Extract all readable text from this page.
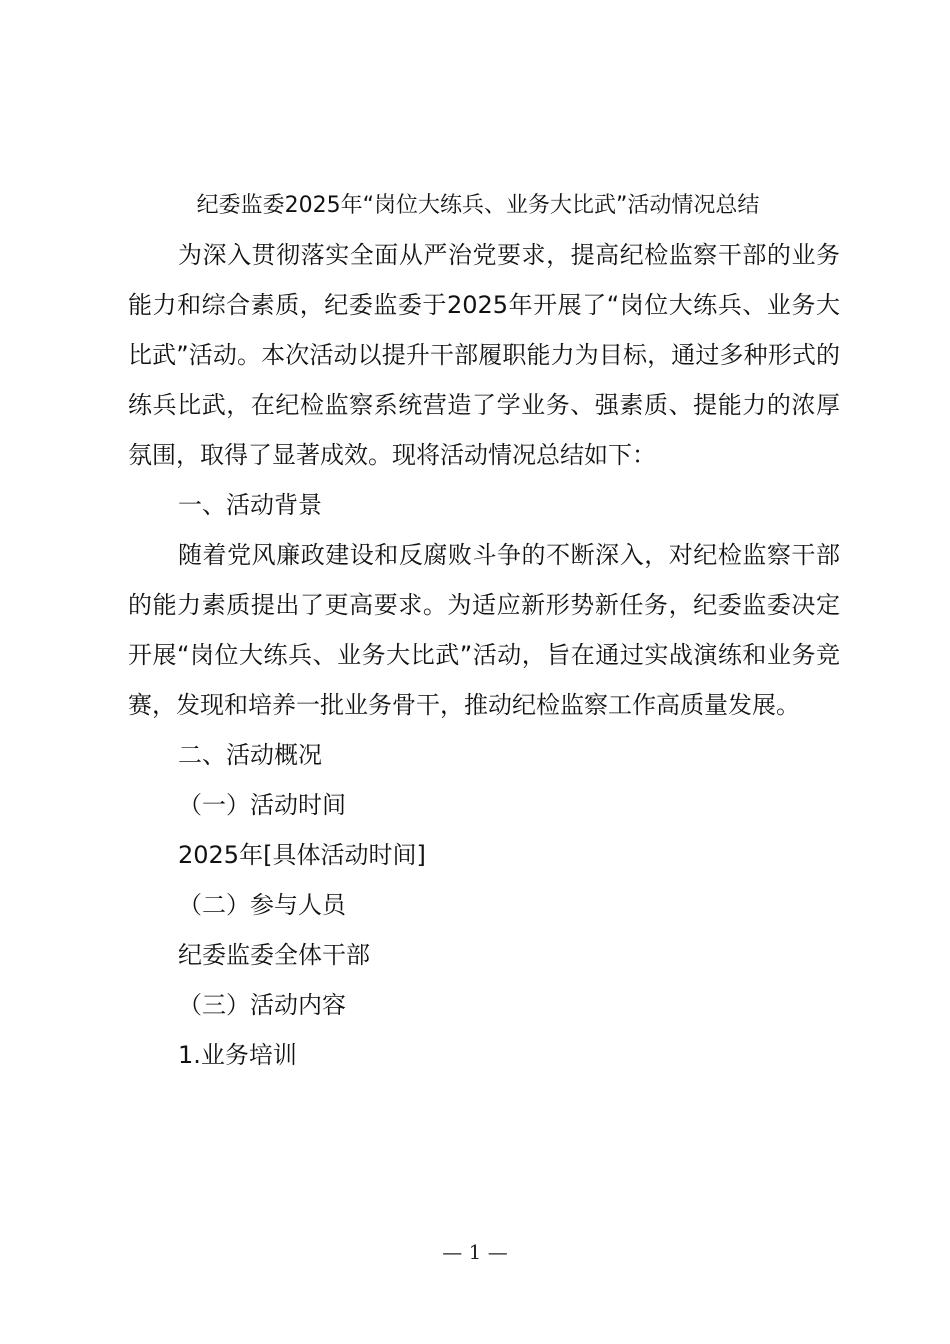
纪委监委2025年“岗位大练兵、业务大比武”活动情况总结

为深入贯彻落实全面从严治党要求，提高纪检监察干部的业务能力和综合素质，纪委监委于2025年开展了“岗位大练兵、业务大比武”活动。本次活动以提升干部履职能力为目标，通过多种形式的练兵比武，在纪检监察系统营造了学业务、强素质、提能力的浓厚氛围，取得了显著成效。现将活动情况总结如下：

一、活动背景

随着党风廉政建设和反腐败斗争的不断深入，对纪检监察干部的能力素质提出了更高要求。为适应新形势新任务，纪委监委决定开展“岗位大练兵、业务大比武”活动，旨在通过实战演练和业务竞赛，发现和培养一批业务骨干，推动纪检监察工作高质量发展。

二、活动概况

（一）活动时间

2025年[具体活动时间]

（二）参与人员

纪委监委全体干部

（三）活动内容

1.业务培训

— 1 —
